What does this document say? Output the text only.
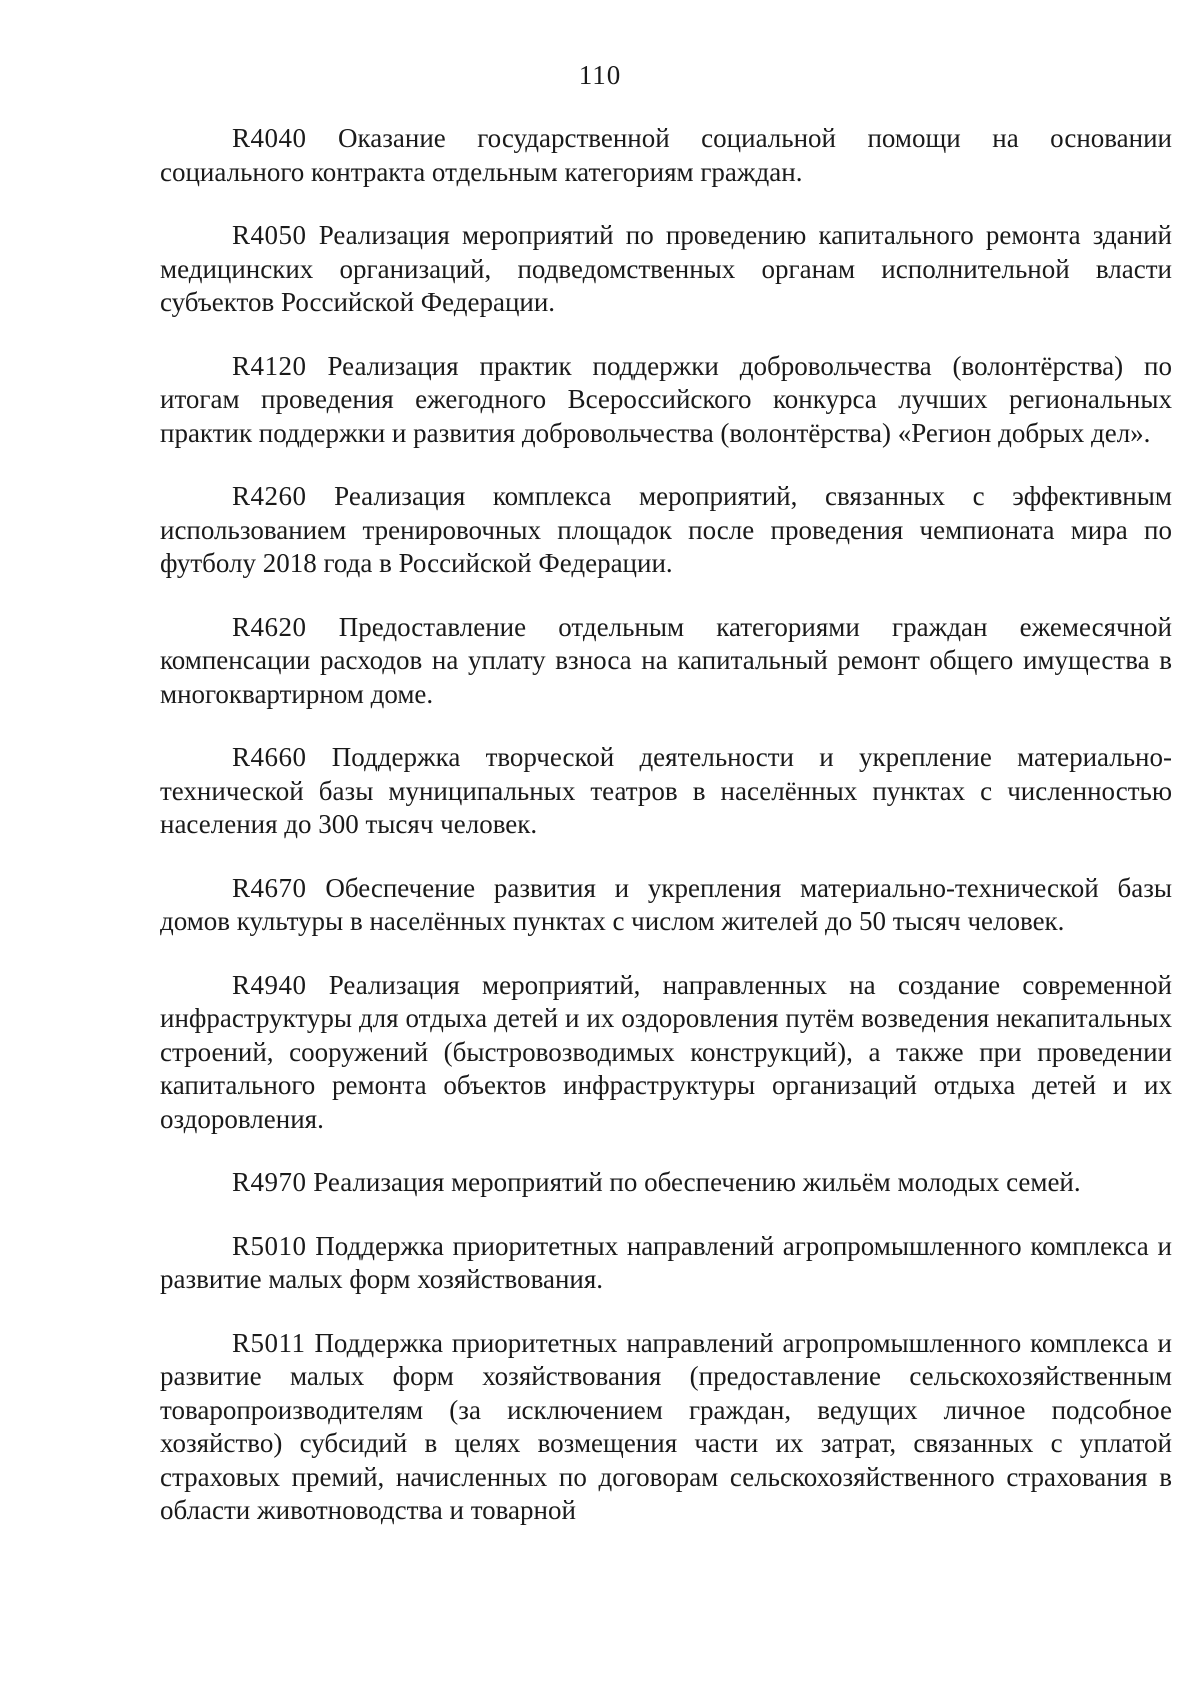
110

R4040 Оказание государственной социальной помощи на основании социального контракта отдельным категориям граждан.

R4050 Реализация мероприятий по проведению капитального ремонта зданий медицинских организаций, подведомственных органам исполнительной власти субъектов Российской Федерации.

R4120 Реализация практик поддержки добровольчества (волонтёрства) по итогам проведения ежегодного Всероссийского конкурса лучших региональных практик поддержки и развития добровольчества (волонтёрства) «Регион добрых дел».

R4260 Реализация комплекса мероприятий, связанных с эффективным использованием тренировочных площадок после проведения чемпионата мира по футболу 2018 года в Российской Федерации.

R4620 Предоставление отдельным категориями граждан ежемесячной компенсации расходов на уплату взноса на капитальный ремонт общего имущества в многоквартирном доме.

R4660 Поддержка творческой деятельности и укрепление материально-технической базы муниципальных театров в населённых пунктах с численностью населения до 300 тысяч человек.

R4670 Обеспечение развития и укрепления материально-технической базы домов культуры в населённых пунктах с числом жителей до 50 тысяч человек.

R4940 Реализация мероприятий, направленных на создание современной инфраструктуры для отдыха детей и их оздоровления путём возведения некапитальных строений, сооружений (быстровозводимых конструкций), а также при проведении капитального ремонта объектов инфраструктуры организаций отдыха детей и их оздоровления.

R4970 Реализация мероприятий по обеспечению жильём молодых семей.

R5010 Поддержка приоритетных направлений агропромышленного комплекса и развитие малых форм хозяйствования.

R5011 Поддержка приоритетных направлений агропромышленного комплекса и развитие малых форм хозяйствования (предоставление сельскохозяйственным товаропроизводителям (за исключением граждан, ведущих личное подсобное хозяйство) субсидий в целях возмещения части их затрат, связанных с уплатой страховых премий, начисленных по договорам сельскохозяйственного страхования в области животноводства и товарной
